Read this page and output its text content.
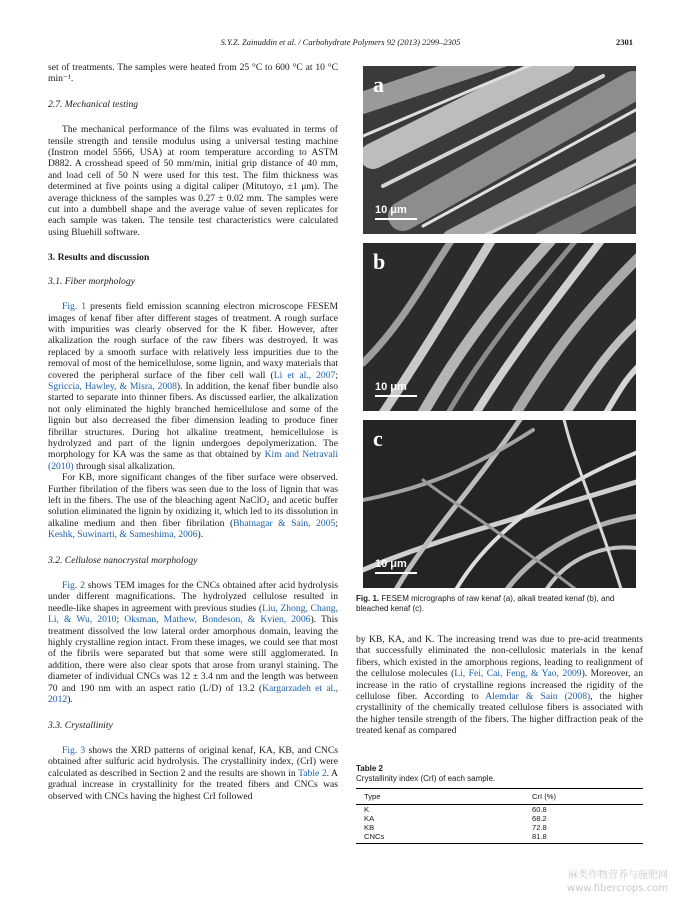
S.Y.Z. Zainuddin et al. / Carbohydrate Polymers 92 (2013) 2299–2305	2301

set of treatments. The samples were heated from 25 °C to 600 °C at 10 °C min⁻¹.

2.7. Mechanical testing

The mechanical performance of the films was evaluated in terms of tensile strength and tensile modulus using a universal testing machine (Instron model 5566, USA) at room temperature according to ASTM D882. A crosshead speed of 50 mm/min, initial grip distance of 40 mm, and load cell of 50 N were used for this test. The film thickness was determined at five points using a digital caliper (Mitutoyo, ±1 μm). The average thickness of the samples was 0.27 ± 0.02 mm. The samples were cut into a dumbbell shape and the average value of seven replicates for each sample was taken. The tensile test characteristics were calculated using Bluehill software.

3. Results and discussion
3.1. Fiber morphology

Fig. 1 presents field emission scanning electron microscope FESEM images of kenaf fiber after different stages of treatment. A rough surface with impurities was clearly observed for the K fiber. However, after alkalization the rough surface of the raw fibers was destroyed. It was replaced by a smooth surface with relatively less impurities due to the removal of most of the hemicellulose, some lignin, and waxy materials that covered the peripheral surface of the fiber cell wall (Li et al., 2007; Sgriccia, Hawley, & Misra, 2008). In addition, the kenaf fiber bundle also started to separate into thinner fibers. As discussed earlier, the alkalization not only eliminated the highly branched hemicellulose and some of the lignin but also decreased the fiber dimension leading to produce finer fibrillar structures. During hot alkaline treatment, hemicellulose is hydrolyzed and part of the lignin undergoes depolymerization. The morphology for KA was the same as that obtained by Kim and Netravali (2010) through sisal alkalization.

For KB, more significant changes of the fiber surface were observed. Further fibrilation of the fibers was seen due to the loss of lignin that was left in the fibers. The use of the bleaching agent NaClO₂ and acetic buffer solution eliminated the lignin by oxidizing it, which led to its dissolution in alkaline medium and then fiber fibrilation (Bhatnagar & Sain, 2005; Keshk, Suwinarti, & Sameshima, 2006).

3.2. Cellulose nanocrystal morphology

Fig. 2 shows TEM images for the CNCs obtained after acid hydrolysis under different magnifications. The hydrolyzed cellulose resulted in needle-like shapes in agreement with previous studies (Liu, Zhong, Chang, Li, & Wu, 2010; Oksman, Mathew, Bondeson, & Kvien, 2006). This treatment dissolved the low lateral order amorphous domain, leaving the highly crystalline region intact. From these images, we could see that most of the fibrils were separated but that some were still agglomerated. In addition, there were also clear spots that arose from uranyl staining. The diameter of individual CNCs was 12 ± 3.4 nm and the length was between 70 and 190 nm with an aspect ratio (L/D) of 13.2 (Kargarzadeh et al., 2012).

3.3. Crystallinity

Fig. 3 shows the XRD patterns of original kenaf, KA, KB, and CNCs obtained after sulfuric acid hydrolysis. The crystallinity index, (CrI) were calculated as described in Section 2 and the results are shown in Table 2. A gradual increase in crystallinity for the treated fibers and CNCs was observed with CNCs having the highest CrI followed

a
10 μm
b
10 μm
c
10 μm
Fig. 1. FESEM micrographs of raw kenaf (a), alkali treated kenaf (b), and bleached kenaf (c).

by KB, KA, and K. The increasing trend was due to pre-acid treatments that successfully eliminated the non-cellulosic materials in the kenaf fibers, which existed in the amorphous regions, leading to realignment of the cellulose molecules (Li, Fei, Cai, Feng, & Yao, 2009). Moreover, an increase in the ratio of crystalline regions increased the rigidity of the cellulose fiber. According to Alemdar & Sain (2008), the higher crystallinity of the chemically treated cellulose fibers is associated with the higher tensile strength of the fibers. The higher diffraction peak of the treated kenaf as compared

Table 2
Crystallinity index (CrI) of each sample.
Type	CrI (%)
K	60.8
KA	68.2
KB	72.8
CNCs	81.8
麻类作物营养与施肥网
www.fibercrops.com
